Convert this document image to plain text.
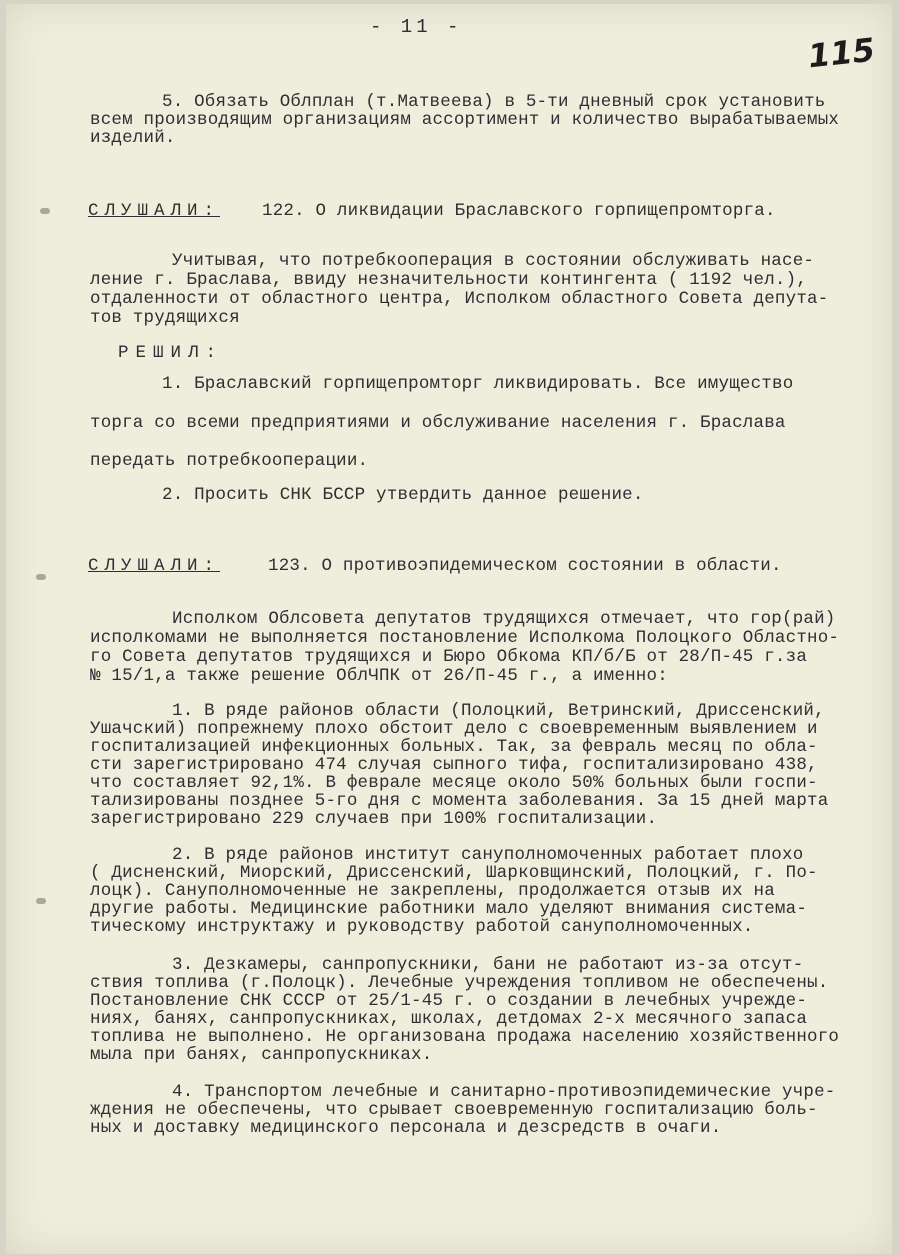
- 11 -
115
5. Обязать Облплан (т.Матвеева) в 5-ти дневный срок установить
всем производящим организациям ассортимент и количество вырабатываемых
изделий.
СЛУШАЛИ: 122. О ликвидации Браславского горпищепромторга.
Учитывая, что потребкооперация в состоянии обслуживать насе-
ление г. Браслава, ввиду незначительности контингента ( 1192 чел.),
отдаленности от областного центра, Исполком областного Совета депута-
тов трудящихся
РЕШИЛ:
1. Браславский горпищепромторг ликвидировать. Все имущество
торга со всеми предприятиями и обслуживание населения г. Браслава
передать потребкооперации.
2. Просить СНК БССР утвердить данное решение.
СЛУШАЛИ:	123. О противоэпидемическом состоянии в области.
Исполком Облсовета депутатов трудящихся отмечает, что гор(рай)
исполкомами не выполняется постановление Исполкома Полоцкого Областно-
го Совета депутатов трудящихся и Бюро Обкома КП/б/Б от 28/П-45 г.за
№ 15/1,а также решение ОблЧПК от 26/П-45 г., а именно:
1. В ряде районов области (Полоцкий, Ветринский, Дриссенский,
Ушачский) попрежнему плохо обстоит дело с своевременным выявлением и
госпитализацией инфекционных больных. Так, за февраль месяц по обла-
сти зарегистрировано 474 случая сыпного тифа, госпитализировано 438,
что составляет 92,1%. В феврале месяце около 50% больных были госпи-
тализированы позднее 5-го дня с момента заболевания. За 15 дней марта
зарегистрировано 229 случаев при 100% госпитализации.
2. В ряде районов институт сануполномоченных работает плохо
( Дисненский, Миорский, Дриссенский, Шарковщинский, Полоцкий, г. По-
лоцк). Сануполномоченные не закреплены, продолжается отзыв их на
другие работы. Медицинские работники мало уделяют внимания системa-
тическому инструктажу и руководству работой сануполномоченных.
3. Дезкамеры, санпропускники, бани не работают из-за отсут-
ствия топлива (г.Полоцк). Лечебные учреждения топливом не обеспечены.
Постановление СНК СССР от 25/1-45 г. о создании в лечебных учрежде-
ниях, банях, санпропускниках, школах, детдомах 2-х месячного запаса
топлива не выполнено. Не организована продажа населению хозяйственного
мыла при банях, санпропускниках.
4. Транспортом лечебные и санитарно-противоэпидемические учре-
ждения не обеспечены, что срывает своевременную госпитализацию боль-
ных и доставку медицинского персонала и дезсредств в очаги.
